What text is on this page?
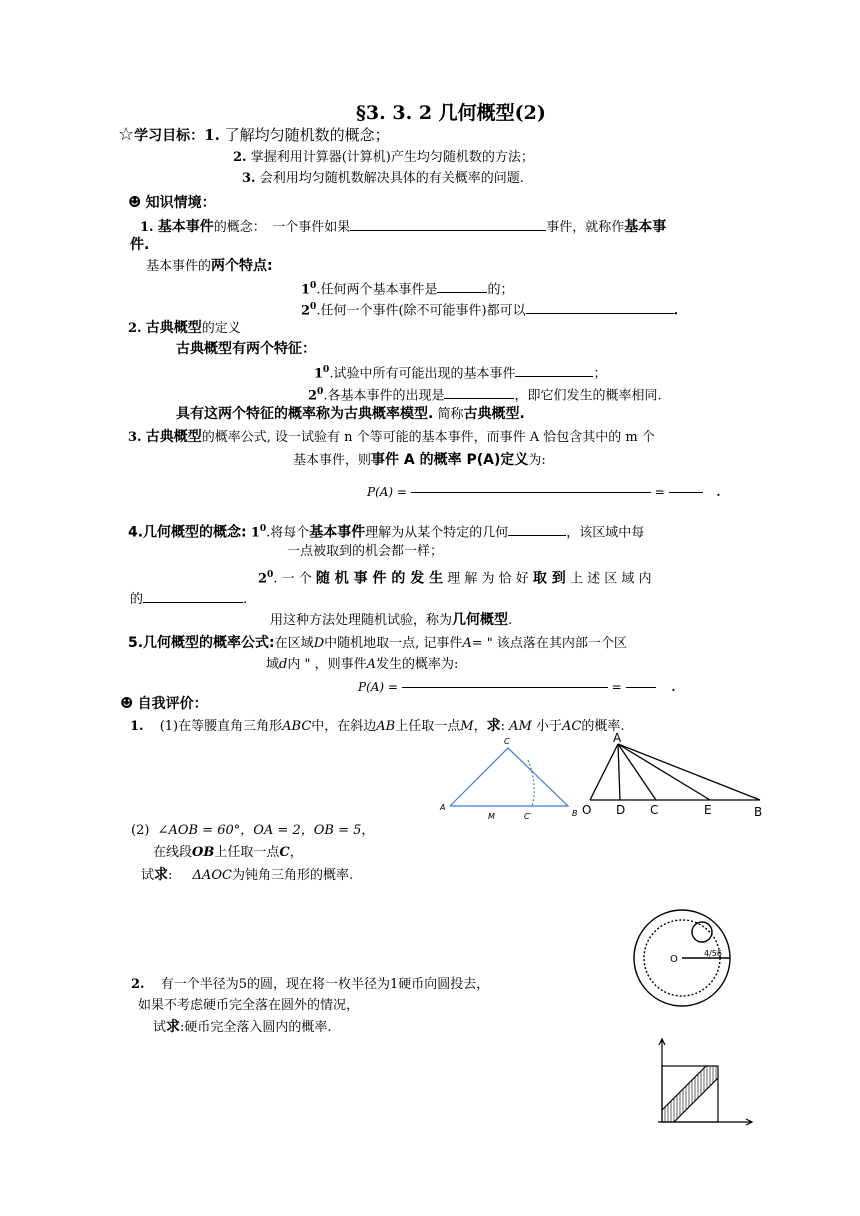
§3. 3. 2 几何概型(2)
☆学习目标：1. 了解均匀随机数的概念；
2. 掌握利用计算器(计算机)产生均匀随机数的方法；
3. 会利用均匀随机数解决具体的有关概率的问题.
☻ 知识情境：
1. 基本事件的概念：　一个事件如果	事件，就称作基本事
件.
基本事件的两个特点:
$1^0$.任何两个基本事件是	的；
$2^0$.任何一个事件(除不可能事件)都可以	.
2. 古典概型的定义
古典概型有两个特征：
$1^0$.试验中所有可能出现的基本事件	；
$2^0$.各基本事件的出现是	，即它们发生的概率相同.
具有这两个特征的概率称为古典概率模型. 简称古典概型.
3. 古典概型的概率公式, 设一试验有 n 个等可能的基本事件，而事件 A 恰包含其中的 m 个
基本事件，则事件 A 的概率 P(A)定义为:
P(A) =	=	.
4.几何概型的概念: $1^0$.将每个基本事件理解为从某个特定的几何	，该区域中每
一点被取到的机会都一样；
$2^0$. 一 个 随 机 事 件 的 发 生 理 解 为 恰 好 取 到 上 述 区 域 内
的	.
用这种方法处理随机试验，称为几何概型.
5.几何概型的概率公式:在区域D中随机地取一点, 记事件A= " 该点落在其内部一个区
域d内 " ，则事件A发生的概率为:
P(A) =	=	.
☻ 自我评价：
1. (1)在等腰直角三角形ABC中，在斜边AB上任取一点M，求: AM 小于AC的概率.
A
B
C
M	C′
A
O D C	E	B
(2) ∠AOB = 60°，OA = 2，OB = 5，
在线段OB上任取一点C，
试求: ΔAOC为钝角三角形的概率.
O
4/56
2. 有一个半径为5的圆，现在将一枚半径为1硬币向圆投去，
如果不考虑硬币完全落在圆外的情况，
试求:硬币完全落入圆内的概率.
